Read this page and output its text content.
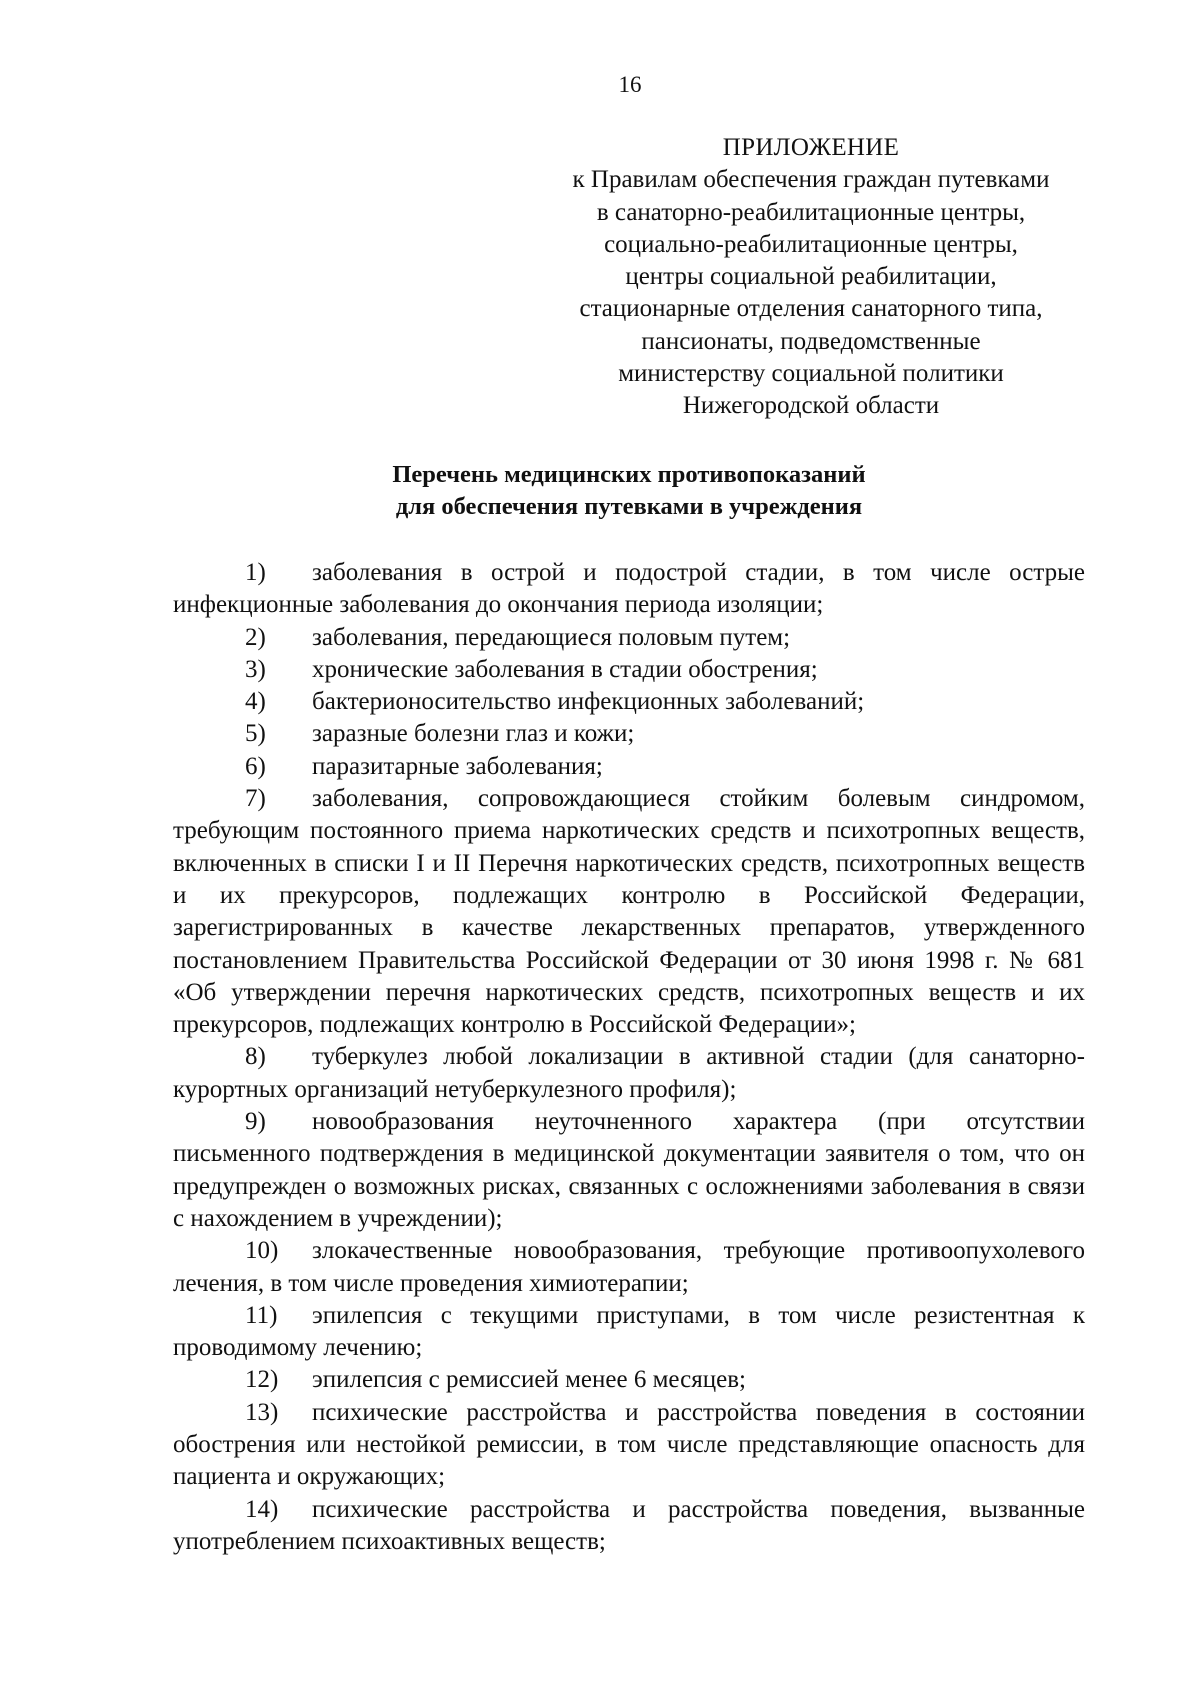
16
ПРИЛОЖЕНИЕ
к Правилам обеспечения граждан путевками
в санаторно-реабилитационные центры,
социально-реабилитационные центры,
центры социальной реабилитации,
стационарные отделения санаторного типа,
пансионаты, подведомственные
министерству социальной политики
Нижегородской области
Перечень медицинских противопоказаний
для обеспечения путевками в учреждения

1) заболевания в острой и подострой стадии, в том числе острые инфекционные заболевания до окончания периода изоляции;

2) заболевания, передающиеся половым путем;

3) хронические заболевания в стадии обострения;

4) бактерионосительство инфекционных заболеваний;

5) заразные болезни глаз и кожи;

6) паразитарные заболевания;

7) заболевания, сопровождающиеся стойким болевым синдромом, требующим постоянного приема наркотических средств и психотропных веществ, включенных в списки I и II Перечня наркотических средств, психотропных веществ и их прекурсоров, подлежащих контролю в Российской Федерации, зарегистрированных в качестве лекарственных препаратов, утвержденного постановлением Правительства Российской Федерации от 30 июня 1998 г. № 681 «Об утверждении перечня наркотических средств, психотропных веществ и их прекурсоров, подлежащих контролю в Российской Федерации»;

8) туберкулез любой локализации в активной стадии (для санаторно-курортных организаций нетуберкулезного профиля);

9) новообразования неуточненного характера (при отсутствии письменного подтверждения в медицинской документации заявителя о том, что он предупрежден о возможных рисках, связанных с осложнениями заболевания в связи с нахождением в учреждении);

10) злокачественные новообразования, требующие противоопухолевого лечения, в том числе проведения химиотерапии;

11) эпилепсия с текущими приступами, в том числе резистентная к проводимому лечению;

12) эпилепсия с ремиссией менее 6 месяцев;

13) психические расстройства и расстройства поведения в состоянии обострения или нестойкой ремиссии, в том числе представляющие опасность для пациента и окружающих;

14) психические расстройства и расстройства поведения, вызванные употреблением психоактивных веществ;
